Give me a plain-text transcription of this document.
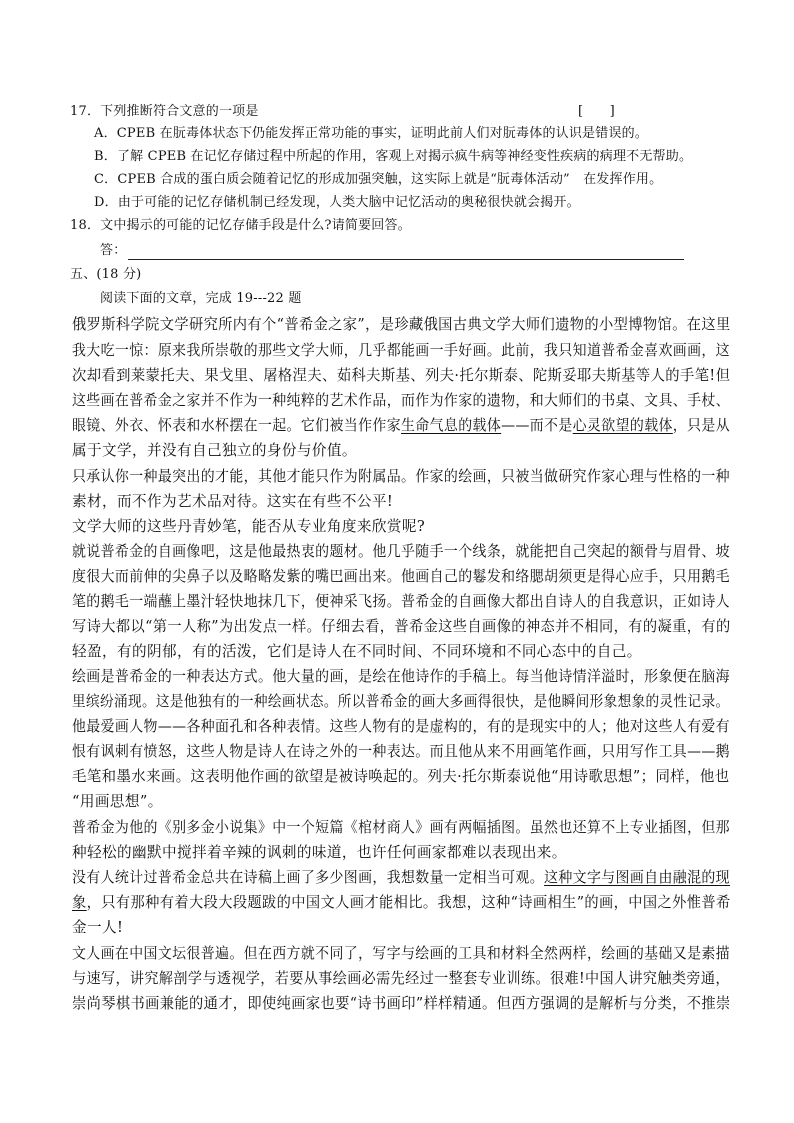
17．下列推断符合文意的一项是	[　　]
A．CPEB 在朊毒体状态下仍能发挥正常功能的事实，证明此前人们对朊毒体的认识是错误的。
B．了解 CPEB 在记忆存储过程中所起的作用，客观上对揭示疯牛病等神经变性疾病的病理不无帮助。
C．CPEB 合成的蛋白质会随着记忆的形成加强突触，这实际上就是“朊毒体活动”　在发挥作用。
D．由于可能的记忆存储机制已经发现，人类大脑中记忆活动的奥秘很快就会揭开。
18．文中揭示的可能的记忆存储手段是什么?请简要回答。
答：
五、(18 分)
阅读下面的文章，完成 19---22 题
俄罗斯科学院文学研究所内有个“普希金之家”，是珍藏俄国古典文学大师们遗物的小型博物馆。在这里
我大吃一惊：原来我所崇敬的那些文学大师，几乎都能画一手好画。此前，我只知道普希金喜欢画画，这
次却看到莱蒙托夫、果戈里、屠格涅夫、茹科夫斯基、列夫·托尔斯泰、陀斯妥耶夫斯基等人的手笔!但
这些画在普希金之家并不作为一种纯粹的艺术作品，而作为作家的遗物，和大师们的书桌、文具、手杖、
眼镜、外衣、怀表和水杯摆在一起。它们被当作作家生命气息的载体——而不是心灵欲望的载体，只是从
属于文学，并没有自己独立的身份与价值。
只承认你一种最突出的才能，其他才能只作为附属品。作家的绘画，只被当做研究作家心理与性格的一种
素材，而不作为艺术品对待。这实在有些不公平!
文学大师的这些丹青妙笔，能否从专业角度来欣赏呢?
就说普希金的自画像吧，这是他最热衷的题材。他几乎随手一个线条，就能把自己突起的额骨与眉骨、坡
度很大而前伸的尖鼻子以及略略发紫的嘴巴画出来。他画自己的鬈发和络腮胡须更是得心应手，只用鹅毛
笔的鹅毛一端蘸上墨汁轻快地抹几下，便神采飞扬。普希金的自画像大都出自诗人的自我意识，正如诗人
写诗大都以“第一人称”为出发点一样。仔细去看，普希金这些自画像的神态并不相同，有的凝重，有的
轻盈，有的阴郁，有的活泼，它们是诗人在不同时间、不同环境和不同心态中的自己。
绘画是普希金的一种表达方式。他大量的画，是绘在他诗作的手稿上。每当他诗情洋溢时，形象便在脑海
里缤纷涌现。这是他独有的一种绘画状态。所以普希金的画大多画得很快，是他瞬间形象想象的灵性记录。
他最爱画人物——各种面孔和各种表情。这些人物有的是虚构的，有的是现实中的人；他对这些人有爱有
恨有讽刺有愤怒，这些人物是诗人在诗之外的一种表达。而且他从来不用画笔作画，只用写作工具——鹅
毛笔和墨水来画。这表明他作画的欲望是被诗唤起的。列夫·托尔斯泰说他“用诗歌思想”；同样，他也
“用画思想”。
普希金为他的《别多金小说集》中一个短篇《棺材商人》画有两幅插图。虽然也还算不上专业插图，但那
种轻松的幽默中搅拌着辛辣的讽刺的味道，也许任何画家都难以表现出来。
没有人统计过普希金总共在诗稿上画了多少图画，我想数量一定相当可观。这种文字与图画自由融混的现
象，只有那种有着大段大段题跋的中国文人画才能相比。我想，这种“诗画相生”的画，中国之外惟普希
金一人!
文人画在中国文坛很普遍。但在西方就不同了，写字与绘画的工具和材料全然两样，绘画的基础又是素描
与速写，讲究解剖学与透视学，若要从事绘画必需先经过一整套专业训练。很难!中国人讲究触类旁通，
崇尚琴棋书画兼能的通才，即使纯画家也要“诗书画印”样样精通。但西方强调的是解析与分类，不推崇
